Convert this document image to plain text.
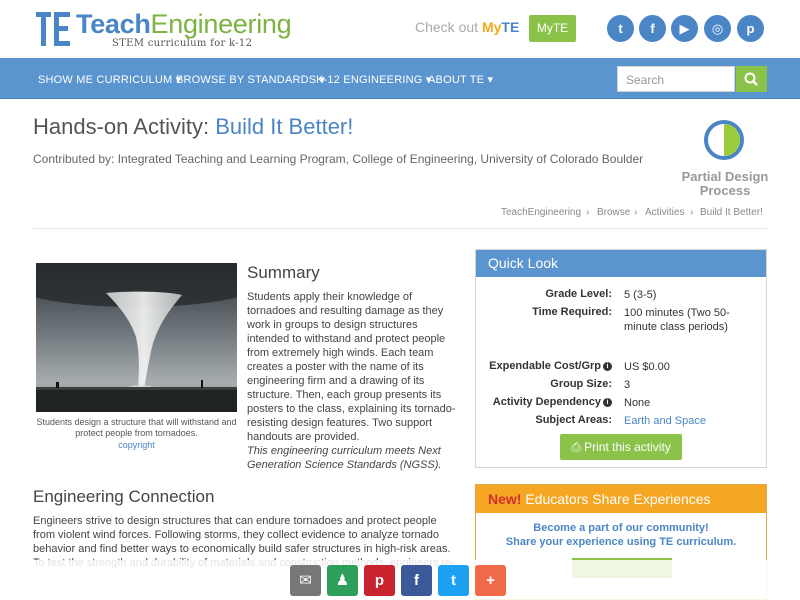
TeachEngineering
STEM curriculum for k-12
Check out MyTE	MyTE	t	f	▶	◎	p
SHOW ME CURRICULUM ▾
BROWSE BY STANDARDS ▾
K-12 ENGINEERING ▾
ABOUT TE ▾	Search
Hands-on Activity: Build It Better!
Contributed by: Integrated Teaching and Learning Program, College of Engineering, University of Colorado Boulder
Partial Design Process
TeachEngineering › Browse › Activities › Build It Better!
Students design a structure that will withstand and protect people from tornadoes.
copyright
Summary
Students apply their knowledge of tornadoes and resulting damage as they work in groups to design structures intended to withstand and protect people from extremely high winds. Each team creates a poster with the name of its engineering firm and a drawing of its structure. Then, each group presents its posters to the class, explaining its tornado-resisting design features. Two support handouts are provided.
This engineering curriculum meets Next Generation Science Standards (NGSS).
Engineering Connection
Engineers strive to design structures that can endure tornadoes and protect people from violent wind forces. Following storms, they collect evidence to analyze tornado behavior and find better ways to economically build safer structures in high-risk areas.
Quick Look
Grade Level: 5 (3-5)
Time Required: 100 minutes (Two 50-minute class periods)
Expendable Cost/Grp i	US $0.00
Group Size: 3
Activity Dependency i	None
Subject Areas: Earth and Space
⎙ Print this activity
New! Educators Share Experiences
Become a part of our community!
Share your experience using TE curriculum.
✉	♟	p	f	t	+
